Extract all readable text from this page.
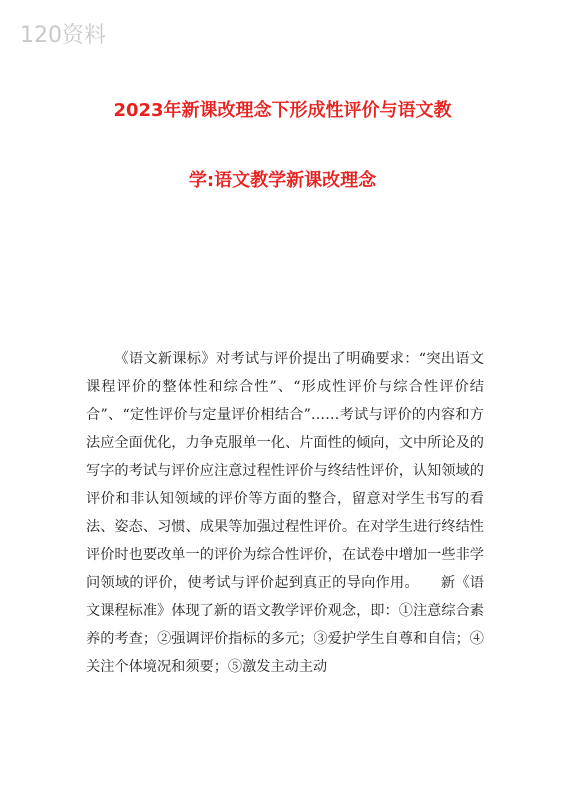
120资料
2023年新课改理念下形成性评价与语文教
学:语文教学新课改理念

《语文新课标》对考试与评价提出了明确要求：“突出语文课程评价的整体性和综合性”、“形成性评价与综合性评价结合”、“定性评价与定量评价相结合”……考试与评价的内容和方法应全面优化，力争克服单一化、片面性的倾向，文中所论及的写字的考试与评价应注意过程性评价与终结性评价，认知领域的评价和非认知领域的评价等方面的整合，留意对学生书写的看法、姿态、习惯、成果等加强过程性评价。在对学生进行终结性评价时也要改单一的评价为综合性评价，在试卷中增加一些非学问领域的评价，使考试与评价起到真正的导向作用。　　新《语文课程标准》体现了新的语文教学评价观念，即：①注意综合素养的考查；②强调评价指标的多元；③爱护学生自尊和自信；④关注个体境况和须要；⑤激发主动主动
